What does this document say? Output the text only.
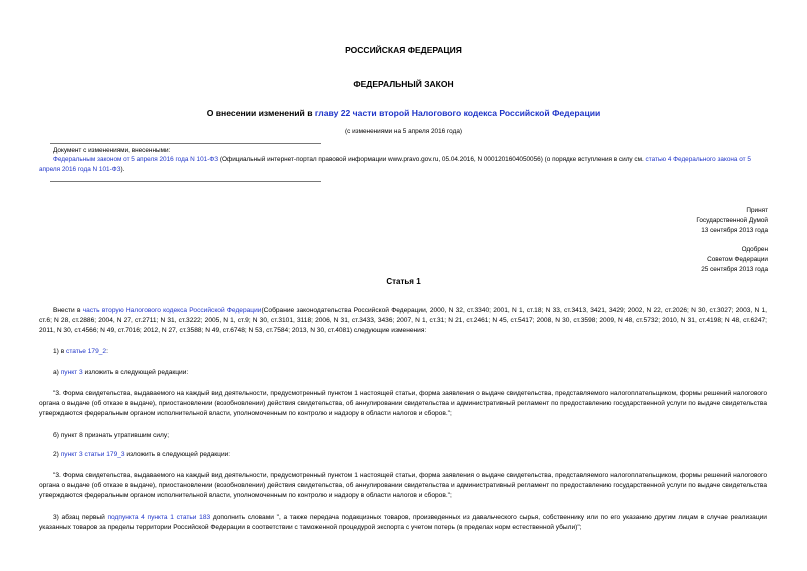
РОССИЙСКАЯ ФЕДЕРАЦИЯ
ФЕДЕРАЛЬНЫЙ ЗАКОН
О внесении изменений в главу 22 части второй Налогового кодекса Российской Федерации
(с изменениями на 5 апреля 2016 года)
Документ с изменениями, внесенными:
Федеральным законом от 5 апреля 2016 года N 101-ФЗ (Официальный интернет-портал правовой информации www.pravo.gov.ru, 05.04.2016, N 0001201604050056) (о порядке вступления в силу см. статью 4 Федерального закона от 5 апреля 2016 года N 101-ФЗ).
Принят
Государственной Думой
13 сентября 2013 года
Одобрен
Советом Федерации
25 сентября 2013 года
Статья 1
Внести в часть вторую Налогового кодекса Российской Федерации(Собрание законодательства Российской Федерации, 2000, N 32, ст.3340; 2001, N 1, ст.18; N 33, ст.3413, 3421, 3429; 2002, N 22, ст.2026; N 30, ст.3027; 2003, N 1, ст.6; N 28, ст.2886; 2004, N 27, ст.2711; N 31, ст.3222; 2005, N 1, ст.9; N 30, ст.3101, 3118; 2006, N 31, ст.3433, 3436; 2007, N 1, ст.31; N 21, ст.2461; N 45, ст.5417; 2008, N 30, ст.3598; 2009, N 48, ст.5732; 2010, N 31, ст.4198; N 48, ст.6247; 2011, N 30, ст.4566; N 49, ст.7016; 2012, N 27, ст.3588; N 49, ст.6748; N 53, ст.7584; 2013, N 30, ст.4081) следующие изменения:
1) в статье 179_2:
а) пункт 3 изложить в следующей редакции:
"3. Форма свидетельства, выдаваемого на каждый вид деятельности, предусмотренный пунктом 1 настоящей статьи, форма заявления о выдаче свидетельства, представляемого налогоплательщиком, формы решений налогового органа о выдаче (об отказе в выдаче), приостановлении (возобновлении) действия свидетельства, об аннулировании свидетельства и административный регламент по предоставлению государственной услуги по выдаче свидетельства утверждаются федеральным органом исполнительной власти, уполномоченным по контролю и надзору в области налогов и сборов.";
б) пункт 8 признать утратившим силу;
2) пункт 3 статьи 179_3 изложить в следующей редакции:
"3. Форма свидетельства, выдаваемого на каждый вид деятельности, предусмотренный пунктом 1 настоящей статьи, форма заявления о выдаче свидетельства, представляемого налогоплательщиком, формы решений налогового органа о выдаче (об отказе в выдаче), приостановлении (возобновлении) действия свидетельства, об аннулировании свидетельства и административный регламент по предоставлению государственной услуги по выдаче свидетельства утверждаются федеральным органом исполнительной власти, уполномоченным по контролю и надзору в области налогов и сборов.";
3) абзац первый подпункта 4 пункта 1 статьи 183 дополнить словами ", а также передача подакцизных товаров, произведенных из давальческого сырья, собственнику или по его указанию другим лицам в случае реализации указанных товаров за пределы территории Российской Федерации в соответствии с таможенной процедурой экспорта с учетом потерь (в пределах норм естественной убыли)";
